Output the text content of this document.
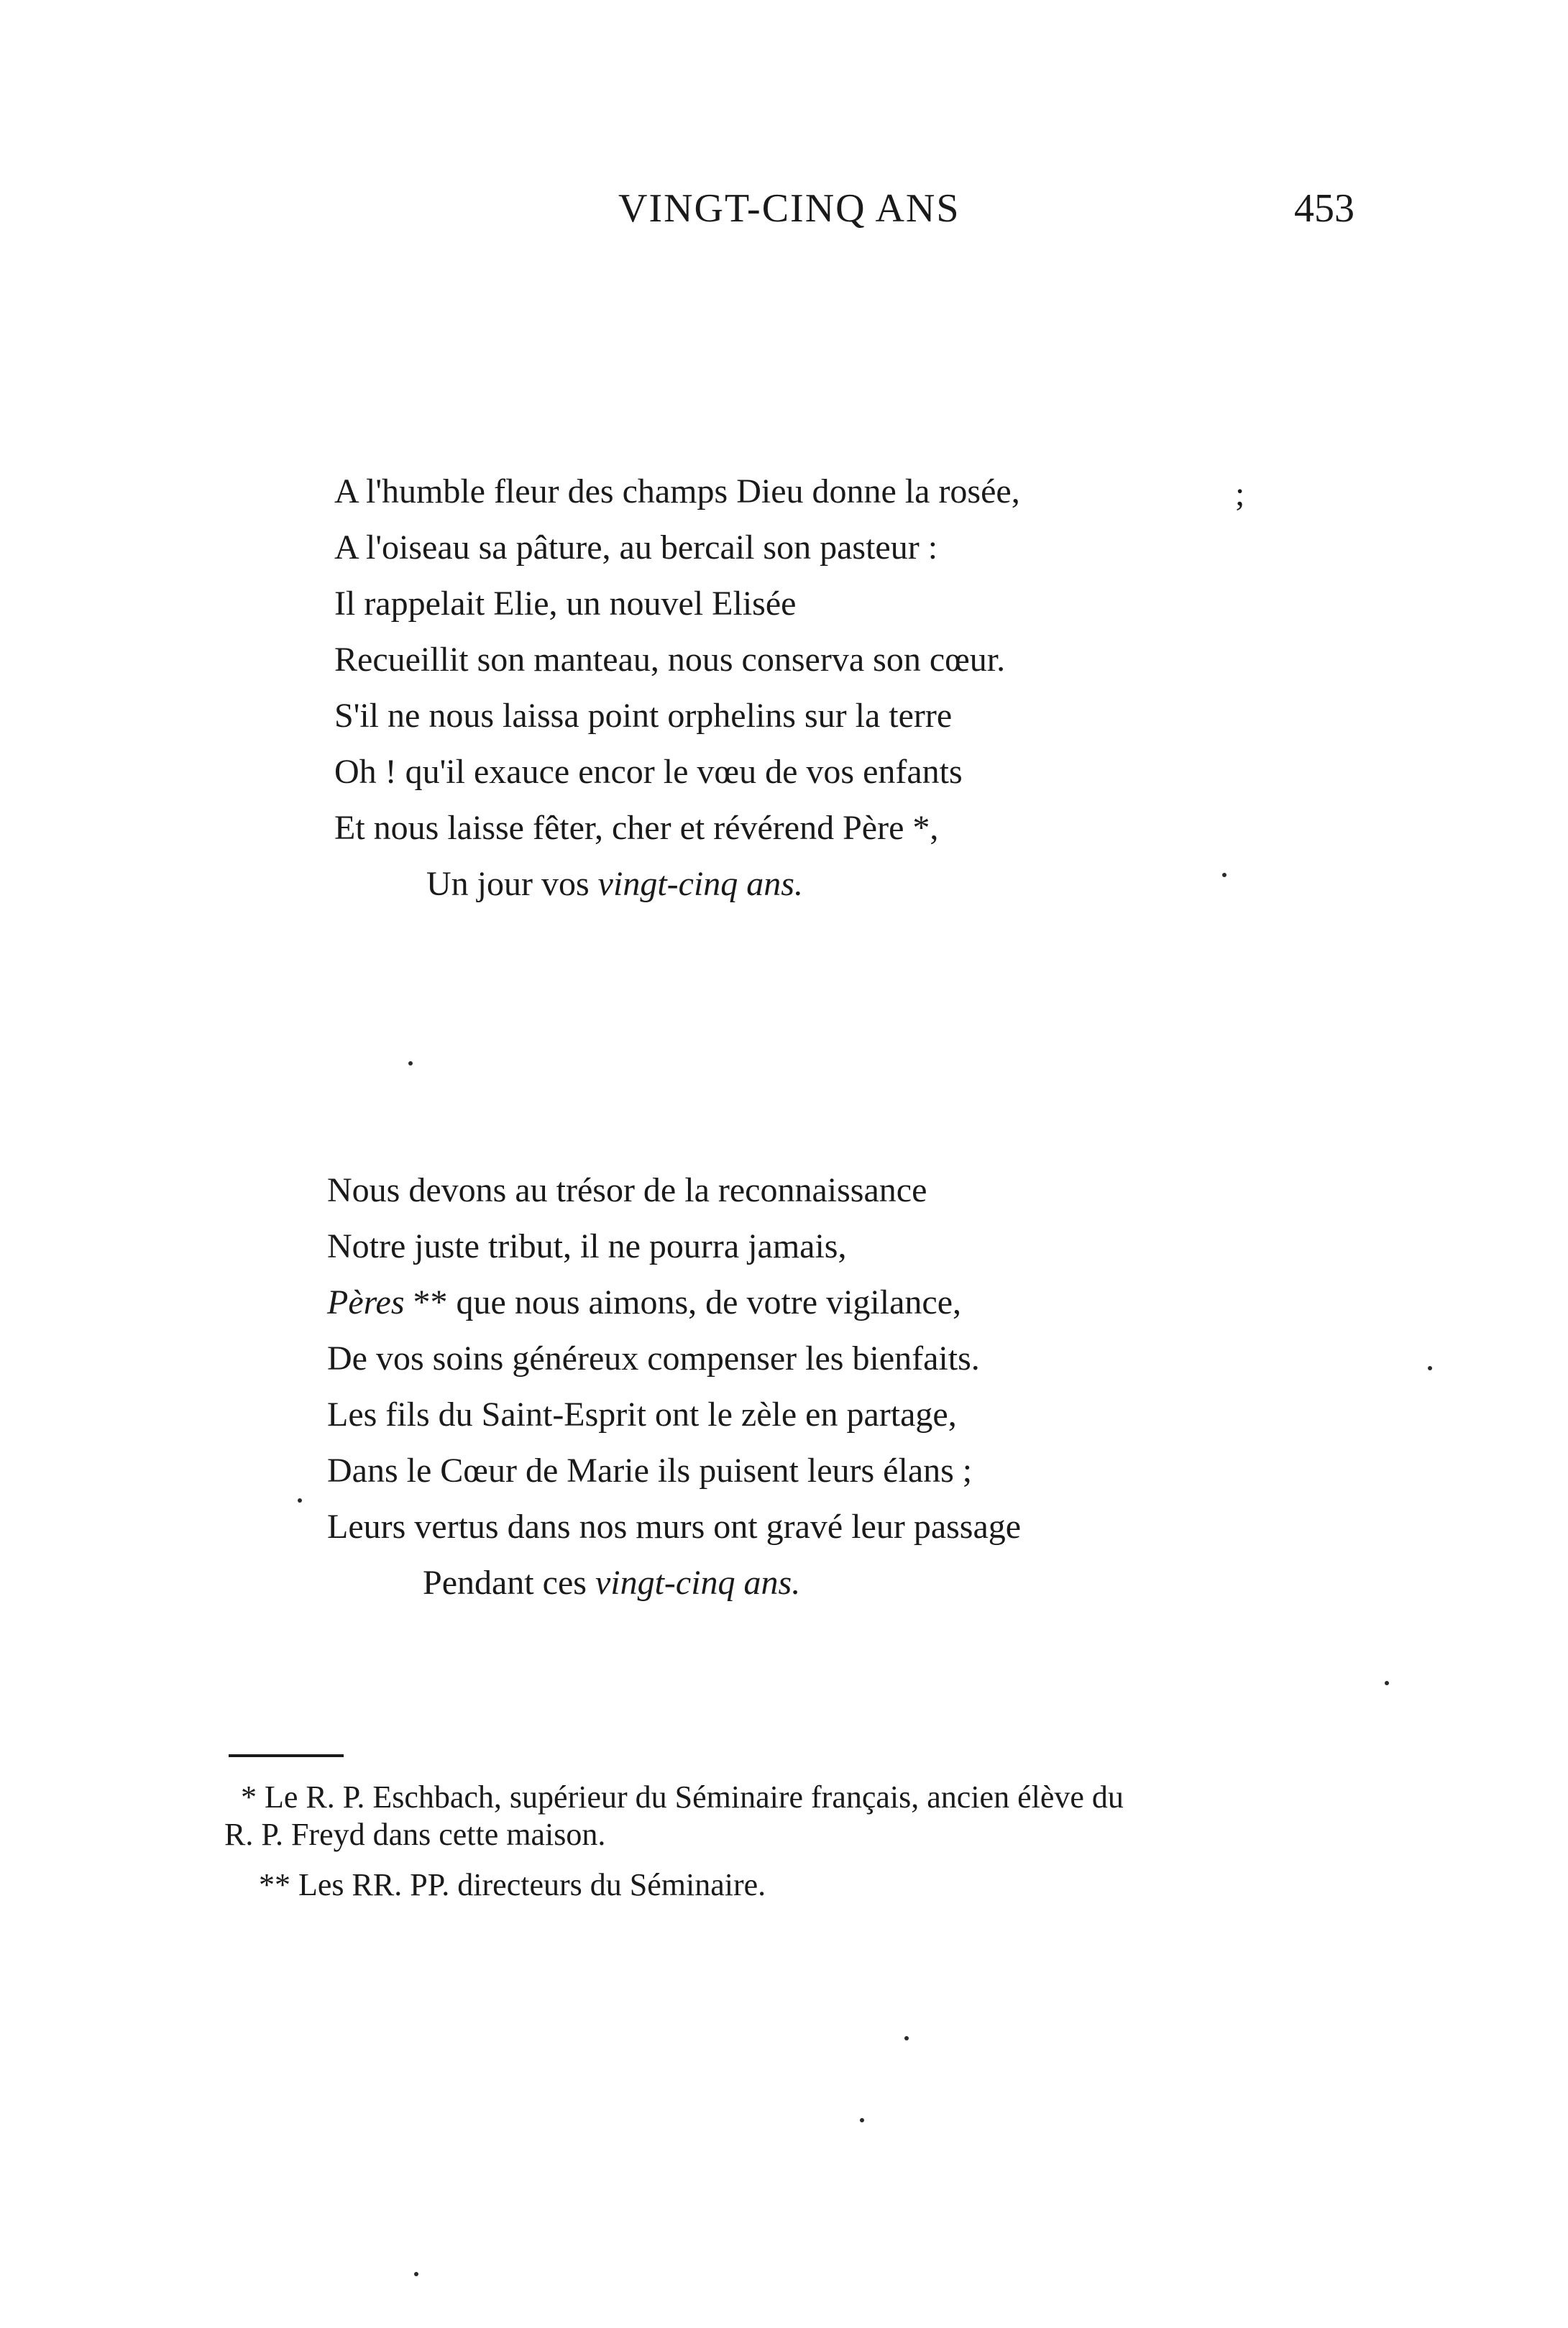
VINGT-CINQ ANS	453
A l'humble fleur des champs Dieu donne la rosée,
A l'oiseau sa pâture, au bercail son pasteur :
Il rappelait Elie, un nouvel Elisée
Recueillit son manteau, nous conserva son cœur.
S'il ne nous laissa point orphelins sur la terre
Oh ! qu'il exauce encor le vœu de vos enfants
Et nous laisse fêter, cher et révérend Père *,
Un jour vos vingt-cinq ans.
;
Nous devons au trésor de la reconnaissance
Notre juste tribut, il ne pourra jamais,
Pères ** que nous aimons, de votre vigilance,
De vos soins généreux compenser les bienfaits.
Les fils du Saint-Esprit ont le zèle en partage,
Dans le Cœur de Marie ils puisent leurs élans ;
Leurs vertus dans nos murs ont gravé leur passage
Pendant ces vingt-cinq ans.
* Le R. P. Eschbach, supérieur du Séminaire français, ancien élève du
R. P. Freyd dans cette maison.
** Les RR. PP. directeurs du Séminaire.
